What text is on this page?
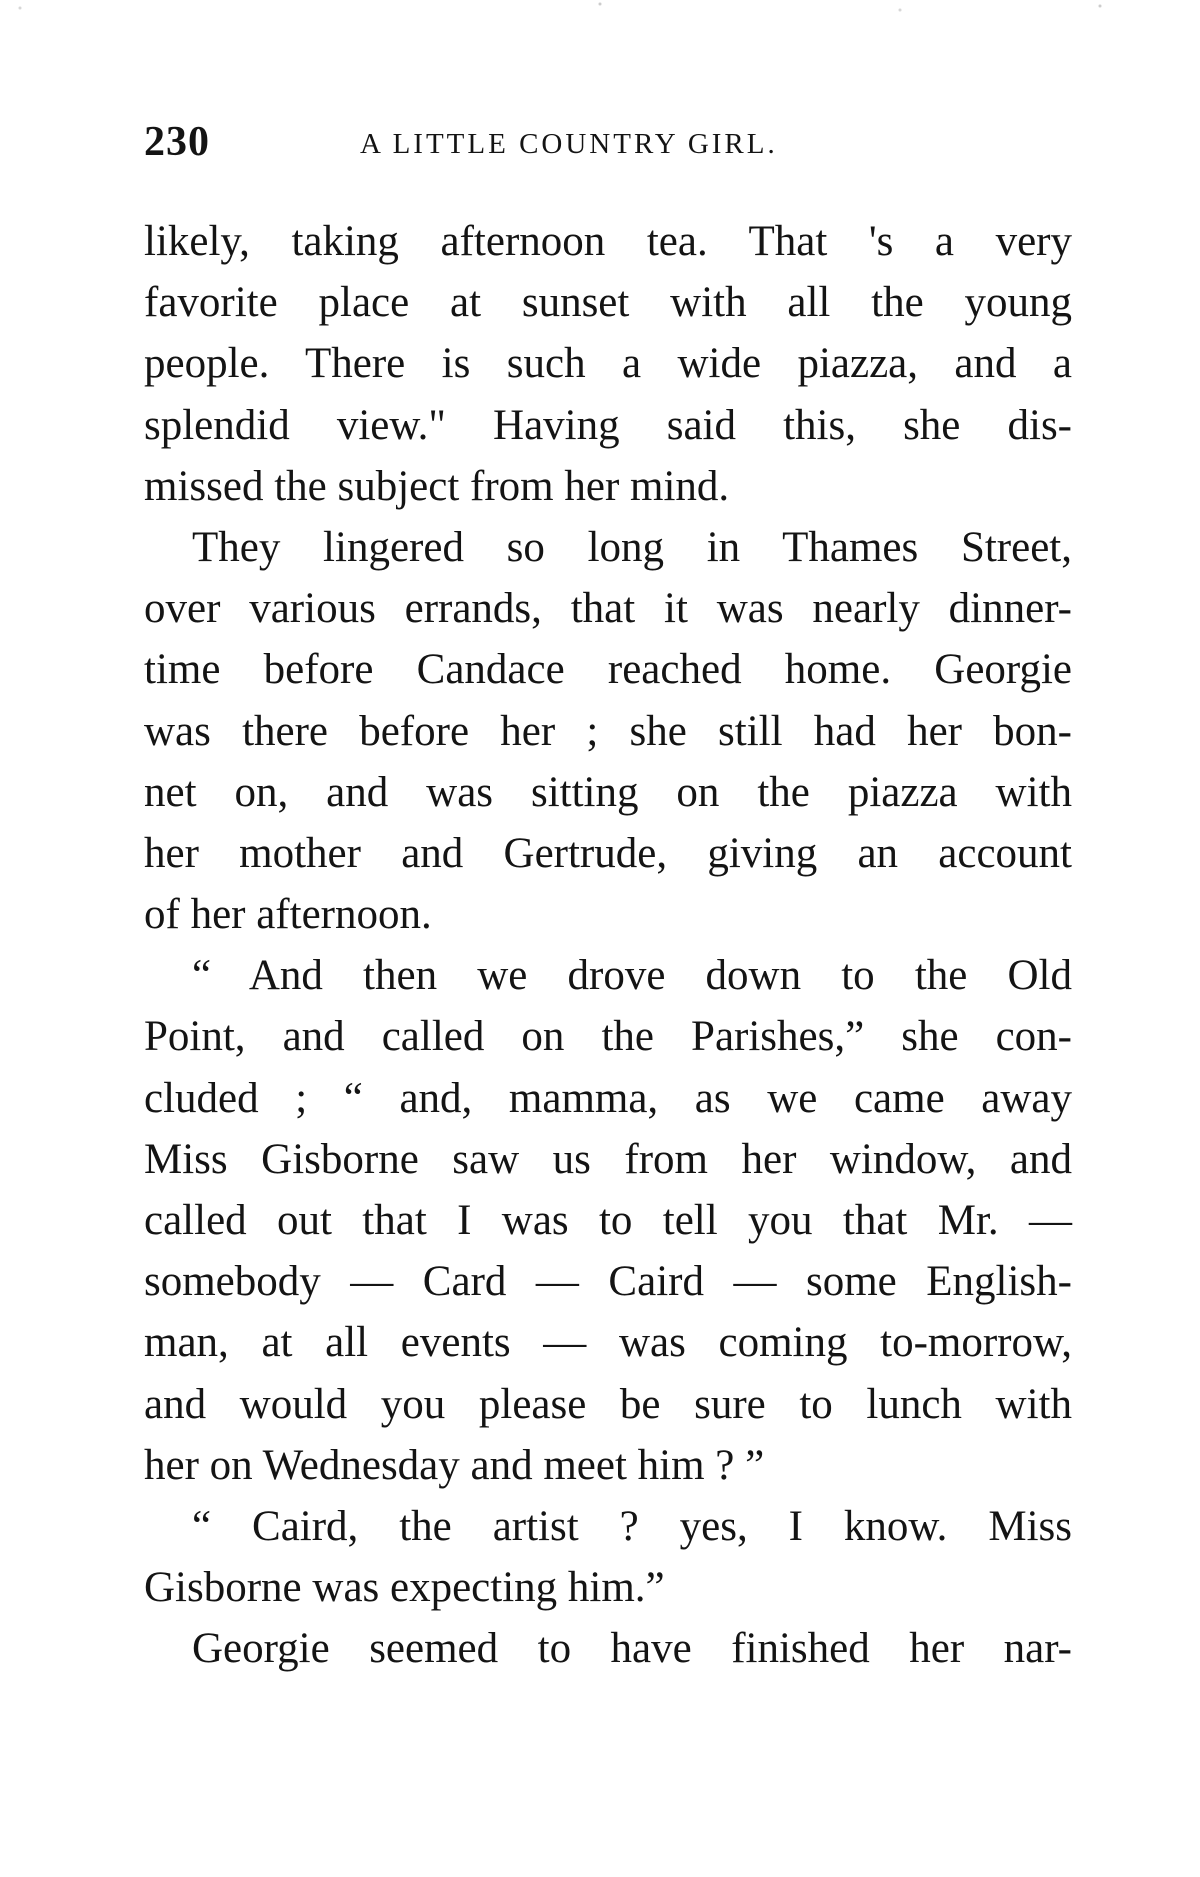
230	A LITTLE COUNTRY GIRL.
likely, taking afternoon tea. That 's a very
favorite place at sunset with all the young
people. There is such a wide piazza, and a
splendid view." Having said this, she dis-
missed the subject from her mind.
They lingered so long in Thames Street,
over various errands, that it was nearly dinner-
time before Candace reached home. Georgie
was there before her ; she still had her bon-
net on, and was sitting on the piazza with
her mother and Gertrude, giving an account
of her afternoon.
“ And then we drove down to the Old
Point, and called on the Parishes,” she con-
cluded ; “ and, mamma, as we came away
Miss Gisborne saw us from her window, and
called out that I was to tell you that Mr. —
somebody — Card — Caird — some English-
man, at all events — was coming to-morrow,
and would you please be sure to lunch with
her on Wednesday and meet him ? ”
“ Caird, the artist ? yes, I know. Miss
Gisborne was expecting him.”
Georgie seemed to have finished her nar-
